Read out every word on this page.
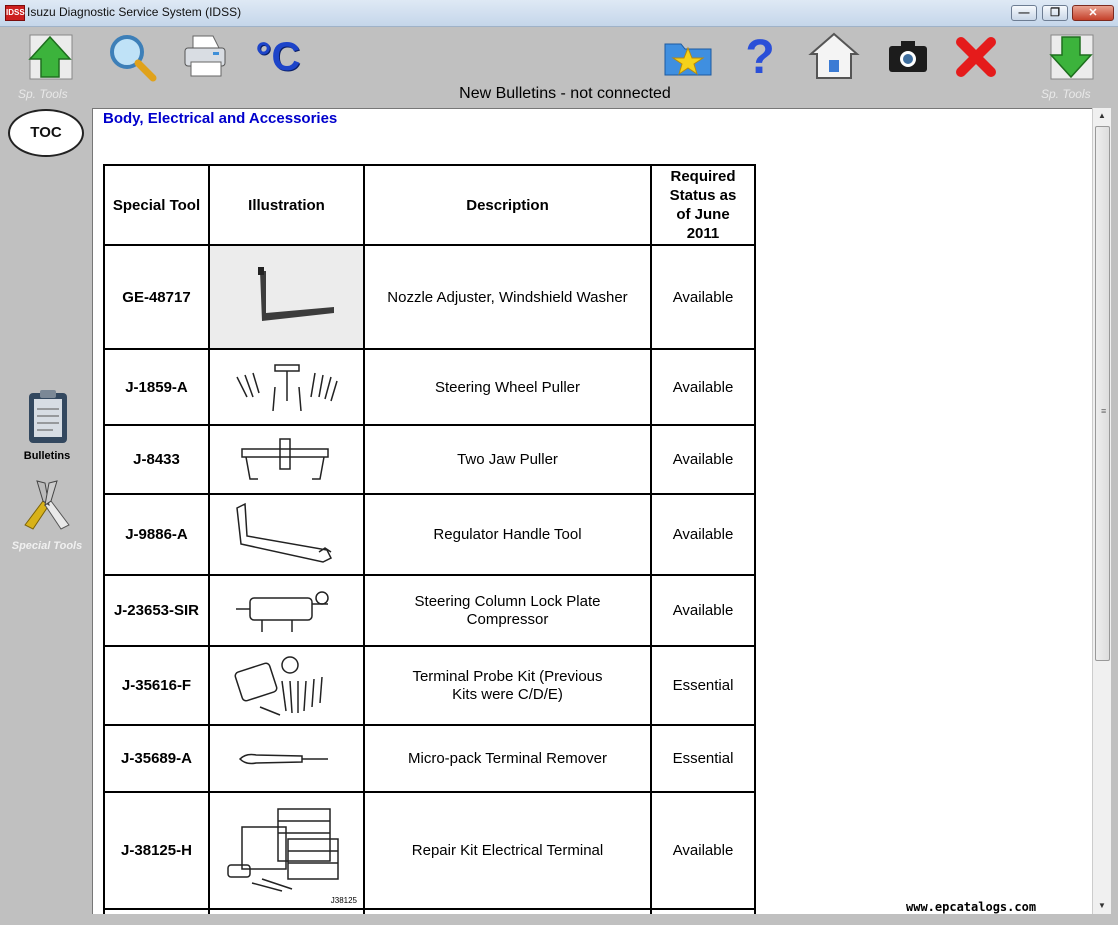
IDSS Isuzu Diagnostic Service System (IDSS)	—	❐	✕
Sp. Tools
°C	?
New Bulletins - not connected	Sp. Tools
TOC
Bulletins
Special Tools
Body, Electrical and Accessories
Special Tool	Illustration	Description	Required Status as of June 2011

GE-48717		Nozzle Adjuster, Windshield Washer	Available
J-1859-A		Steering Wheel Puller	Available
J-8433		Two Jaw Puller	Available
J-9886-A		Regulator Handle Tool	Available
J-23653-SIR		Steering Column Lock Plate Compressor	Available
J-35616-F		Terminal Probe Kit (Previous Kits were C/D/E)	Essential
J-35689-A		Micro-pack Terminal Remover	Essential
J-38125-H	J38125	Repair Kit Electrical Terminal	Available

▲
≡
▼
www.epcatalogs.com
